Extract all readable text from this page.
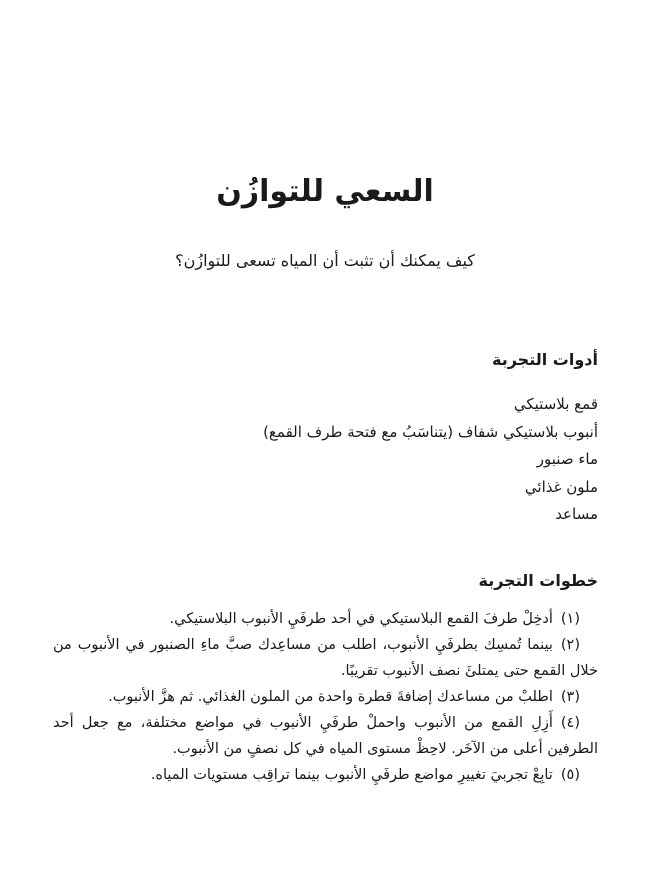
السعي للتوازُن

كيف يمكنك أن تثبت أن المياه تسعى للتوازُن؟

أدوات التجربة
قمع بلاستيكي
أنبوب بلاستيكي شفاف (يتناسَبُ مع فتحة طرف القمع)
ماء صنبور
ملون غذائي
مساعد
خطوات التجربة
(١)أدخِلْ طرفَ القمع البلاستيكي في أحد طرفَيِ الأنبوب البلاستيكي.
(٢)بينما تُمسِك بطرفَيِ الأنبوب، اطلب من مساعِدك صبَّ ماءِ الصنبور في الأنبوب من خلال القمع حتى يمتلئَ نصف الأنبوب تقريبًا.
(٣)اطلبْ من مساعدك إضافةَ قطرة واحدة من الملون الغذائي. ثم هزَّ الأنبوب.
(٤)أَزِلِ القمع من الأنبوب واحملْ طرفَيِ الأنبوب في مواضع مختلفة، مع جعل أحد الطرفين أعلى من الآخَر. لاحِظْ مستوى المياه في كل نصفٍ من الأنبوب.
(٥)تابِعْ تجربيَ تغييرِ مواضع طرفَيِ الأنبوب بينما تراقِب مستويات المياه.
